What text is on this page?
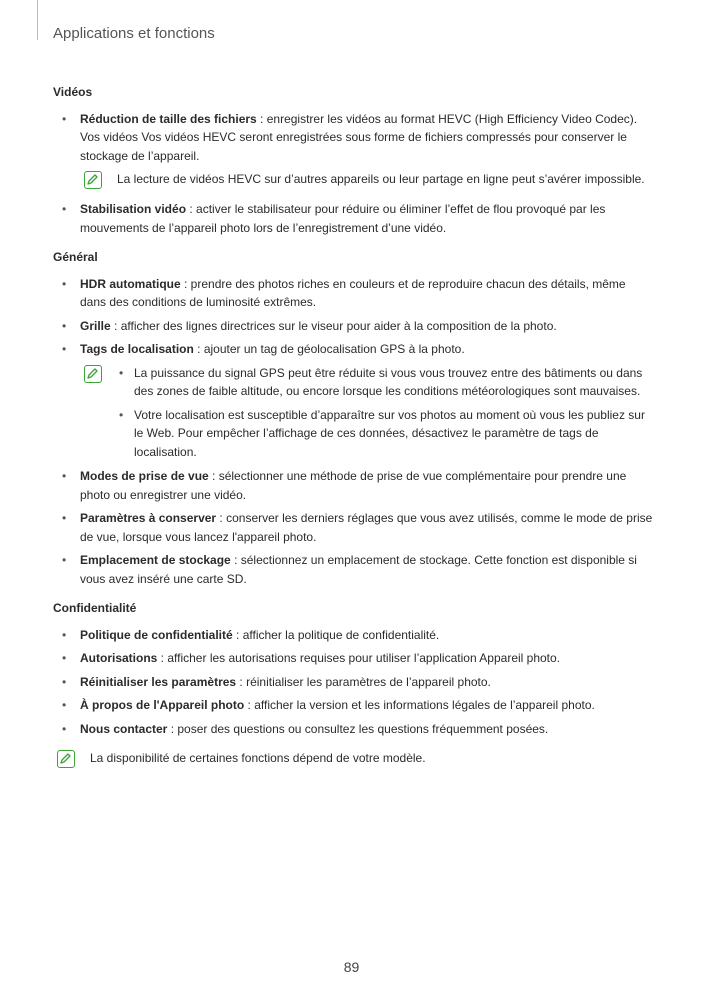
Applications et fonctions
Vidéos
• Réduction de taille des fichiers : enregistrer les vidéos au format HEVC (High Efficiency Video Codec). Vos vidéos Vos vidéos HEVC seront enregistrées sous forme de fichiers compressés pour conserver le stockage de l’appareil.
La lecture de vidéos HEVC sur d’autres appareils ou leur partage en ligne peut s’avérer impossible.
• Stabilisation vidéo : activer le stabilisateur pour réduire ou éliminer l’effet de flou provoqué par les mouvements de l’appareil photo lors de l’enregistrement d’une vidéo.
Général
• HDR automatique : prendre des photos riches en couleurs et de reproduire chacun des détails, même dans des conditions de luminosité extrêmes.
• Grille : afficher des lignes directrices sur le viseur pour aider à la composition de la photo.
• Tags de localisation : ajouter un tag de géolocalisation GPS à la photo.
• La puissance du signal GPS peut être réduite si vous vous trouvez entre des bâtiments ou dans des zones de faible altitude, ou encore lorsque les conditions météorologiques sont mauvaises.
• Votre localisation est susceptible d’apparaître sur vos photos au moment où vous les publiez sur le Web. Pour empêcher l’affichage de ces données, désactivez le paramètre de tags de localisation.
• Modes de prise de vue : sélectionner une méthode de prise de vue complémentaire pour prendre une photo ou enregistrer une vidéo.
• Paramètres à conserver : conserver les derniers réglages que vous avez utilisés, comme le mode de prise de vue, lorsque vous lancez l'appareil photo.
• Emplacement de stockage : sélectionnez un emplacement de stockage. Cette fonction est disponible si vous avez inséré une carte SD.
Confidentialité
• Politique de confidentialité : afficher la politique de confidentialité.
• Autorisations : afficher les autorisations requises pour utiliser l’application Appareil photo.
• Réinitialiser les paramètres : réinitialiser les paramètres de l’appareil photo.
• À propos de l'Appareil photo : afficher la version et les informations légales de l’appareil photo.
• Nous contacter : poser des questions ou consultez les questions fréquemment posées.
La disponibilité de certaines fonctions dépend de votre modèle.
89
